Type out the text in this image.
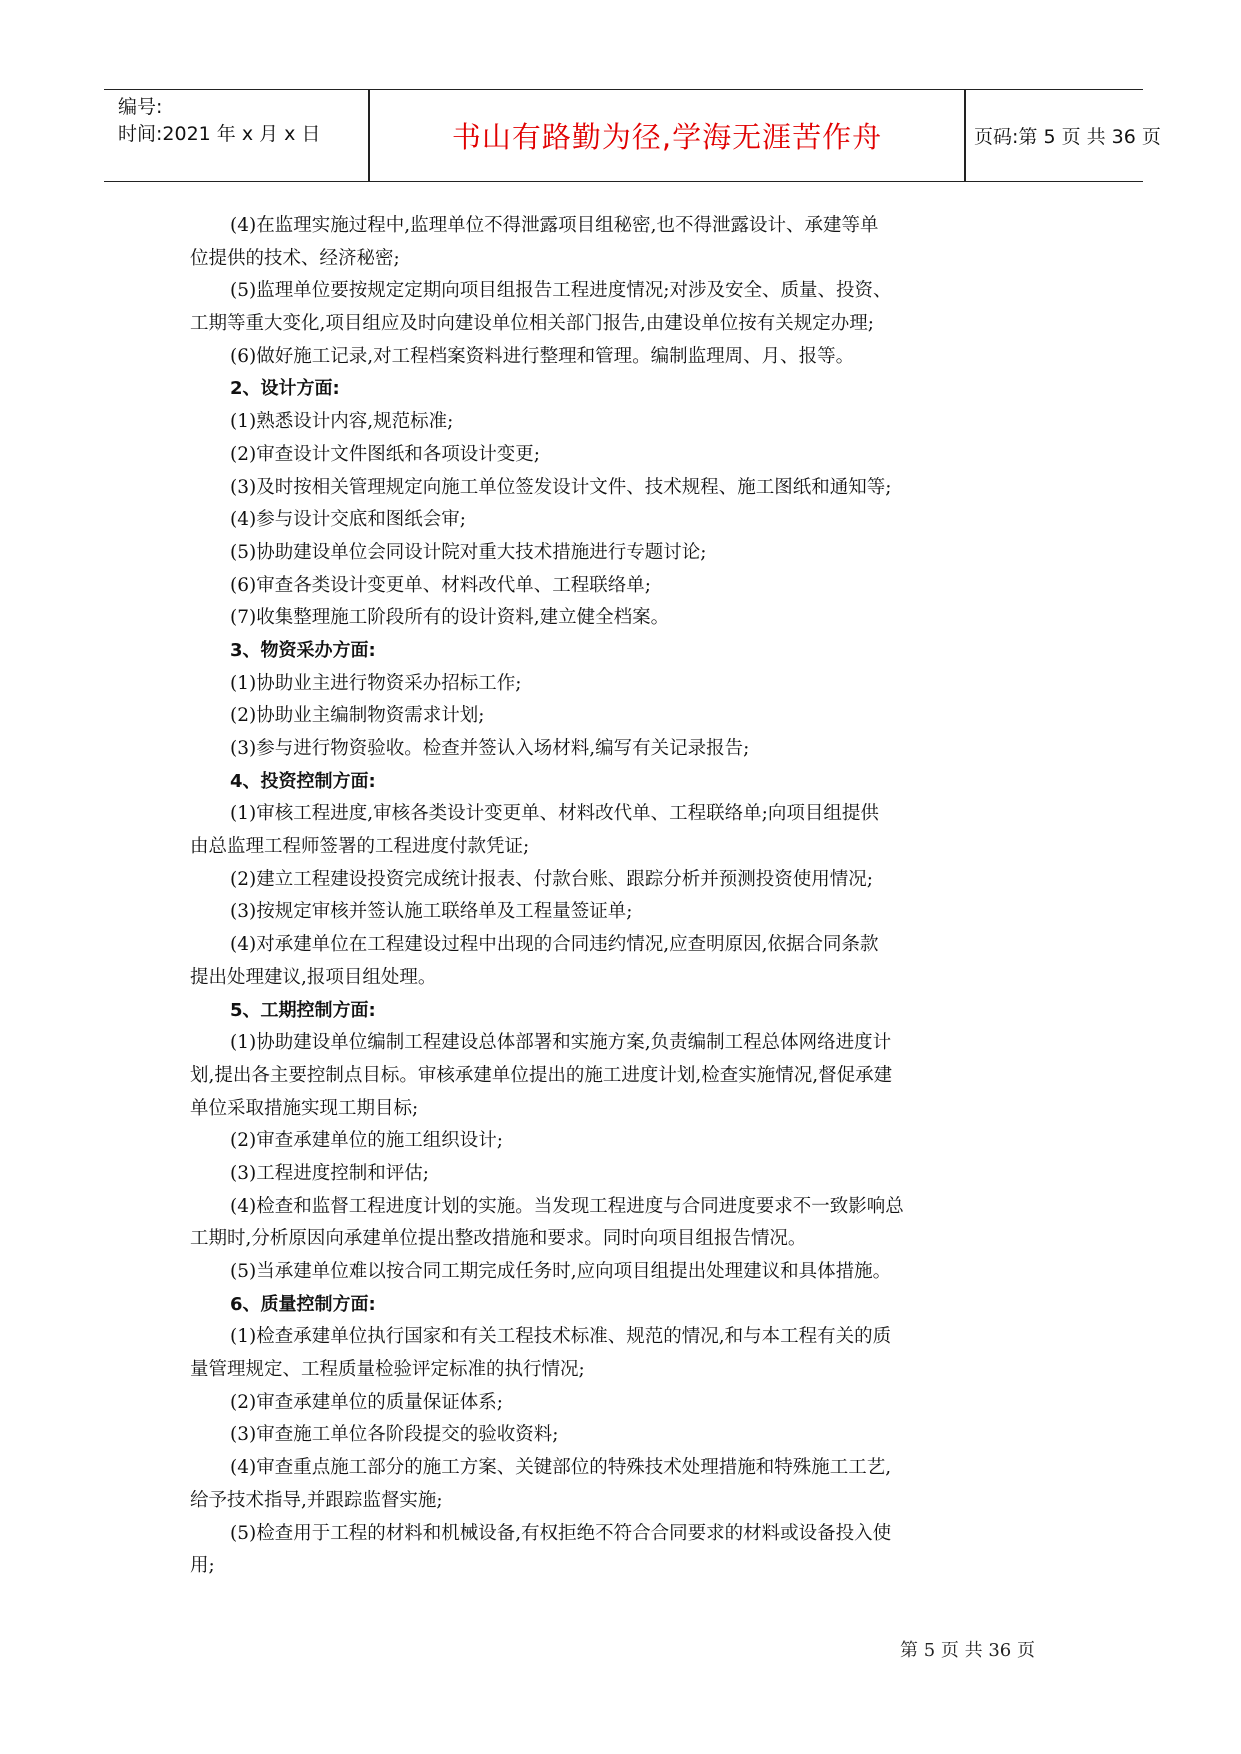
编号:
时间:2021 年 x 月 x 日	书山有路勤为径,学海无涯苦作舟	页码:第 5 页 共 36 页
(4)在监理实施过程中,监理单位不得泄露项目组秘密,也不得泄露设计、承建等单
位提供的技术、经济秘密;
(5)监理单位要按规定定期向项目组报告工程进度情况;对涉及安全、质量、投资、
工期等重大变化,项目组应及时向建设单位相关部门报告,由建设单位按有关规定办理;
(6)做好施工记录,对工程档案资料进行整理和管理。编制监理周、月、报等。
2、设计方面:
(1)熟悉设计内容,规范标准;
(2)审查设计文件图纸和各项设计变更;
(3)及时按相关管理规定向施工单位签发设计文件、技术规程、施工图纸和通知等;
(4)参与设计交底和图纸会审;
(5)协助建设单位会同设计院对重大技术措施进行专题讨论;
(6)审查各类设计变更单、材料改代单、工程联络单;
(7)收集整理施工阶段所有的设计资料,建立健全档案。
3、物资采办方面:
(1)协助业主进行物资采办招标工作;
(2)协助业主编制物资需求计划;
(3)参与进行物资验收。检查并签认入场材料,编写有关记录报告;
4、投资控制方面:
(1)审核工程进度,审核各类设计变更单、材料改代单、工程联络单;向项目组提供
由总监理工程师签署的工程进度付款凭证;
(2)建立工程建设投资完成统计报表、付款台账、跟踪分析并预测投资使用情况;
(3)按规定审核并签认施工联络单及工程量签证单;
(4)对承建单位在工程建设过程中出现的合同违约情况,应查明原因,依据合同条款
提出处理建议,报项目组处理。
5、工期控制方面:
(1)协助建设单位编制工程建设总体部署和实施方案,负责编制工程总体网络进度计
划,提出各主要控制点目标。审核承建单位提出的施工进度计划,检查实施情况,督促承建
单位采取措施实现工期目标;
(2)审查承建单位的施工组织设计;
(3)工程进度控制和评估;
(4)检查和监督工程进度计划的实施。当发现工程进度与合同进度要求不一致影响总
工期时,分析原因向承建单位提出整改措施和要求。同时向项目组报告情况。
(5)当承建单位难以按合同工期完成任务时,应向项目组提出处理建议和具体措施。
6、质量控制方面:
(1)检查承建单位执行国家和有关工程技术标准、规范的情况,和与本工程有关的质
量管理规定、工程质量检验评定标准的执行情况;
(2)审查承建单位的质量保证体系;
(3)审查施工单位各阶段提交的验收资料;
(4)审查重点施工部分的施工方案、关键部位的特殊技术处理措施和特殊施工工艺,
给予技术指导,并跟踪监督实施;
(5)检查用于工程的材料和机械设备,有权拒绝不符合合同要求的材料或设备投入使
用;
第 5 页 共 36 页
